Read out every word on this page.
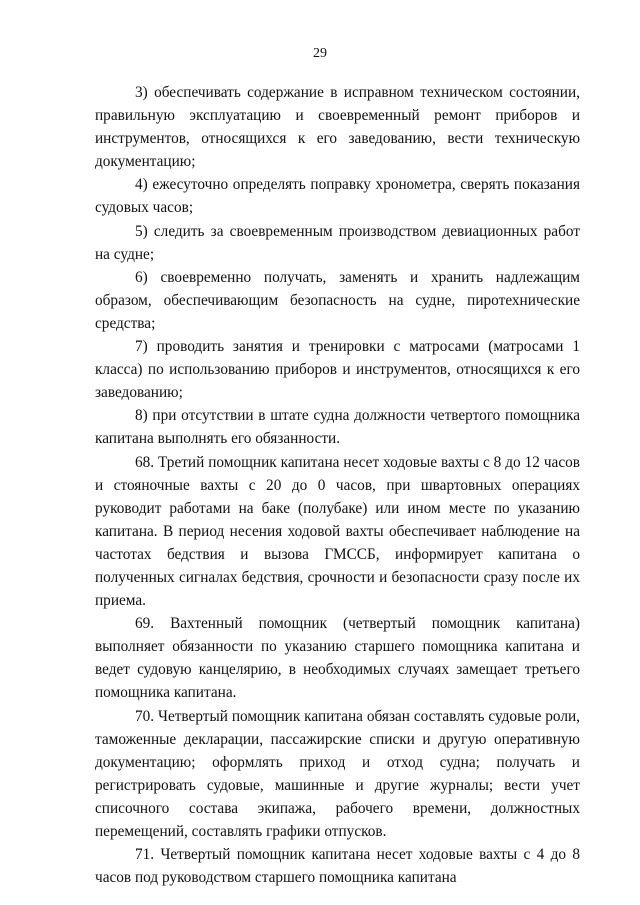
29

3) обеспечивать содержание в исправном техническом состоянии, правильную эксплуатацию и своевременный ремонт приборов и инструментов, относящихся к его заведованию, вести техническую документацию;

4) ежесуточно определять поправку хронометра, сверять показания судовых часов;

5) следить за своевременным производством девиационных работ на судне;

6) своевременно получать, заменять и хранить надлежащим образом, обеспечивающим безопасность на судне, пиротехнические средства;

7) проводить занятия и тренировки с матросами (матросами 1 класса) по использованию приборов и инструментов, относящихся к его заведованию;

8) при отсутствии в штате судна должности четвертого помощника капитана выполнять его обязанности.

68. Третий помощник капитана несет ходовые вахты с 8 до 12 часов и стояночные вахты с 20 до 0 часов, при швартовных операциях руководит работами на баке (полубаке) или ином месте по указанию капитана. В период несения ходовой вахты обеспечивает наблюдение на частотах бедствия и вызова ГМССБ, информирует капитана о полученных сигналах бедствия, срочности и безопасности сразу после их приема.

69. Вахтенный помощник (четвертый помощник капитана) выполняет обязанности по указанию старшего помощника капитана и ведет судовую канцелярию, в необходимых случаях замещает третьего помощника капитана.

70. Четвертый помощник капитана обязан составлять судовые роли, таможенные декларации, пассажирские списки и другую оперативную документацию; оформлять приход и отход судна; получать и регистрировать судовые, машинные и другие журналы; вести учет списочного состава экипажа, рабочего времени, должностных перемещений, составлять графики отпусков.

71. Четвертый помощник капитана несет ходовые вахты с 4 до 8 часов под руководством старшего помощника капитана
